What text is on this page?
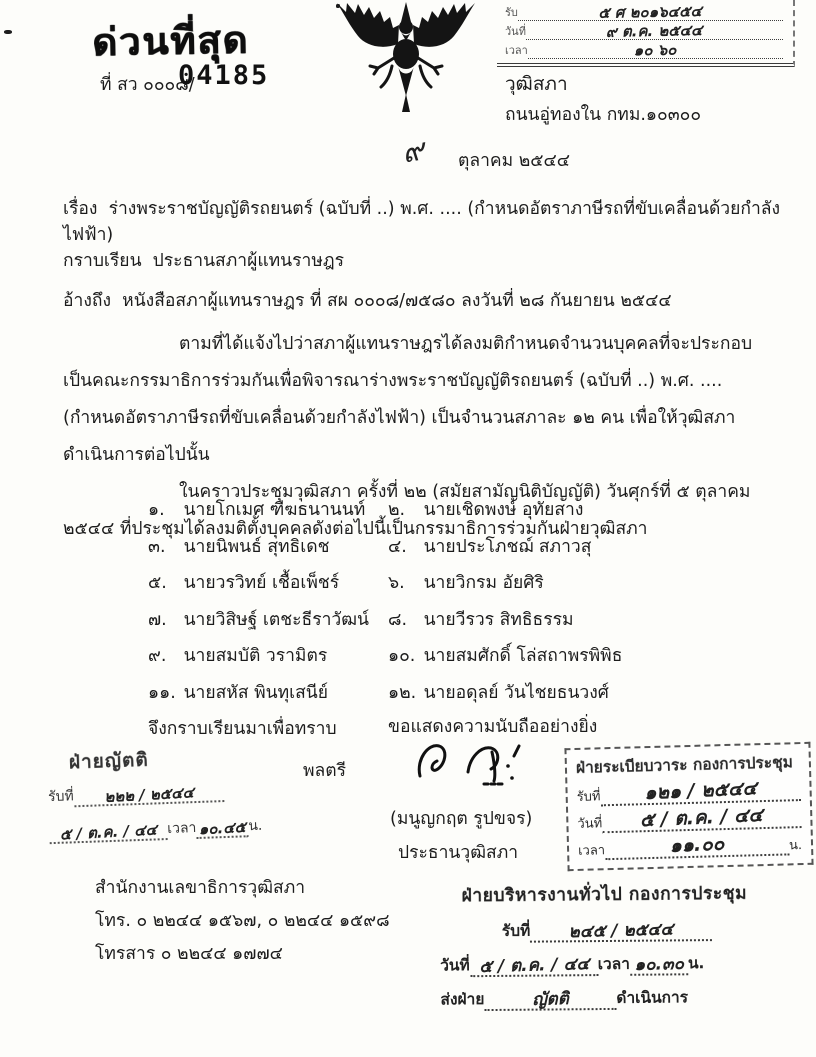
ด่วนที่สุด
ที่ สว ๐๐๐๘/
04185
รับ	๕ ศ ๒๐๑๖๔๕๔
วันที่	๙ ต.ค. ๒๕๔๔
เวลา	๑๐ ๖๐
วุฒิสภา
ถนนอู่ทองใน กทม.๑๐๓๐๐
๙ ตุลาคม ๒๕๔๔
เรื่อง ร่างพระราชบัญญัติรถยนตร์ (ฉบับที่ ..) พ.ศ. .... (กำหนดอัตราภาษีรถที่ขับเคลื่อนด้วยกำลังไฟฟ้า)
กราบเรียน ประธานสภาผู้แทนราษฎร
อ้างถึง หนังสือสภาผู้แทนราษฎร ที่ สผ ๐๐๐๘/๗๕๘๐ ลงวันที่ ๒๘ กันยายน ๒๕๔๔

ตามที่ได้แจ้งไปว่าสภาผู้แทนราษฎรได้ลงมติกำหนดจำนวนบุคคลที่จะประกอบเป็นคณะกรรมาธิการร่วมกันเพื่อพิจารณาร่างพระราชบัญญัติรถยนตร์ (ฉบับที่ ..) พ.ศ. .... (กำหนดอัตราภาษีรถที่ขับเคลื่อนด้วยกำลังไฟฟ้า) เป็นจำนวนสภาละ ๑๒ คน เพื่อให้วุฒิสภาดำเนินการต่อไปนั้น

ในคราวประชุมวุฒิสภา ครั้งที่ ๒๒ (สมัยสามัญนิติบัญญัติ) วันศุกร์ที่ ๕ ตุลาคม ๒๕๔๔ ที่ประชุมได้ลงมติตั้งบุคคลดังต่อไปนี้เป็นกรรมาธิการร่วมกันฝ่ายวุฒิสภา

๑. นายโกเมศ ฑีฆธนานนท์	๒. นายเชิดพงษ์ อุทัยสาง
๓. นายนิพนธ์ สุทธิเดช	๔. นายประโภชฌ์ สภาวสุ
๕. นายวรวิทย์ เชื้อเพ็ชร์	๖. นายวิกรม อัยศิริ
๗. นายวิสิษฐ์ เตชะธีราวัฒน์	๘. นายวีรวร สิทธิธรรม
๙. นายสมบัติ วรามิตร	๑๐. นายสมศักดิ์ โล่สถาพรพิพิธ
๑๑. นายสหัส พินทุเสนีย์	๑๒. นายอดุลย์ วันไชยธนวงศ์
จึงกราบเรียนมาเพื่อทราบ	ขอแสดงความนับถืออย่างยิ่ง
พลตรี
(มนูญกฤต รูปขจร)
ประธานวุฒิสภา
ฝ่ายญัตติ
รับที่ ๒๒๒ / ๒๕๔๔
๕ / ต.ค. / ๔๔ เวลา ๑๐.๔๕ น.
ฝ่ายระเบียบวาระ กองการประชุม
รับที่ ๑๒๑ / ๒๕๔๔
วันที่ ๕ / ต.ค. / ๔๔
เวลา	๑๑.๐๐	น.
สำนักงานเลขาธิการวุฒิสภา
โทร. ๐ ๒๒๔๔ ๑๕๖๗, ๐ ๒๒๔๔ ๑๕๙๘
โทรสาร ๐ ๒๒๔๔ ๑๗๗๔
ฝ่ายบริหารงานทั่วไป กองการประชุม
รับที่ ๒๔๕ / ๒๕๔๔
วันที่ ๕ / ต.ค. / ๔๔ เวลา ๑๐.๓๐ น.
ส่งฝ่าย	ญัตติ	ดำเนินการ
